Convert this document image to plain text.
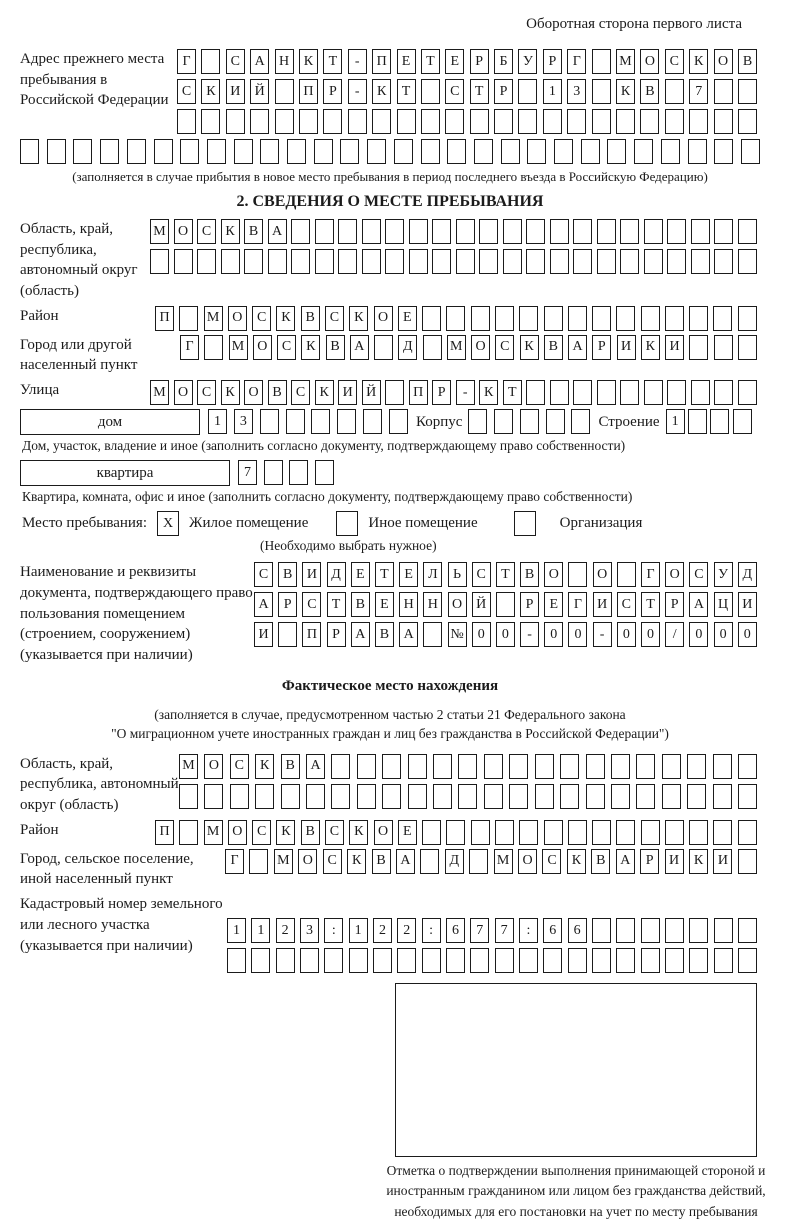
Оборотная сторона первого листа
Адрес прежнего места пребывания в Российской Федерации
Г	С	А	Н	К	Т	-	П	Е	Т	Е	Р	Б	У	Р	Г	М О	С	К	О	В
С	К	И	Й	П	Р	-	К	Т	С	Т	Р	1	3	К	В	7
(заполняется в случае прибытия в новое место пребывания в период последнего въезда в Российскую Федерацию)
2. СВЕДЕНИЯ О МЕСТЕ ПРЕБЫВАНИЯ
Область, край, республика, автономный округ (область)
М О С	К	В А
Район	П	М О	С	К	В	С	К	О	Е
Город или другой населенный пункт
Г	М О	С	К	В	А	Д	М О	С	К	В	А	Р	И	К	И
Улица	М О С	К О В	С	К И Й	П	Р	-	К	Т
дом	1	3	Корпус	Строение 1
Дом, участок, владение и иное (заполнить согласно документу, подтверждающему право собственности)
квартира	7
Квартира, комната, офис и иное (заполнить согласно документу, подтверждающему право собственности)
Место пребывания:	X	Жилое помещение	Иное помещение	Организация
(Необходимо выбрать нужное)
Наименование и реквизиты документа, подтверждающего право пользования помещением (строением, сооружением) (указывается при наличии)
С	В	И	Д	Е	Т	Е	Л	Ь	С	Т	В	О	О	Г	О	С	У	Д
А	Р	С	Т	В	Е	Н	Н	О	Й	Р	Е	Г	И	С	Т	Р	А	Ц	И
И	П	Р	А	В	А	№	0	0	-	0	0	-	0	0	/	0	0	0
Фактическое место нахождения
(заполняется в случае, предусмотренном частью 2 статьи 21 Федерального закона
"О миграционном учете иностранных граждан и лиц без гражданства в Российской Федерации")
Область, край, республика, автономный округ (область)
М	О	С	К	В	А
Район	П	М О	С	К	В	С	К	О	Е
Город, сельское поселение, иной населенный пункт
Г	М О	С	К	В	А	Д	М О	С	К	В	А	Р	И	К	И
Кадастровый номер земельного или лесного участка (указывается при наличии)
1	1	2	3	:	1	2	2	:	6	7	7	:	6	6
Отметка о подтверждении выполнения принимающей стороной и иностранным гражданином или лицом без гражданства действий, необходимых для его постановки на учет по месту пребывания
